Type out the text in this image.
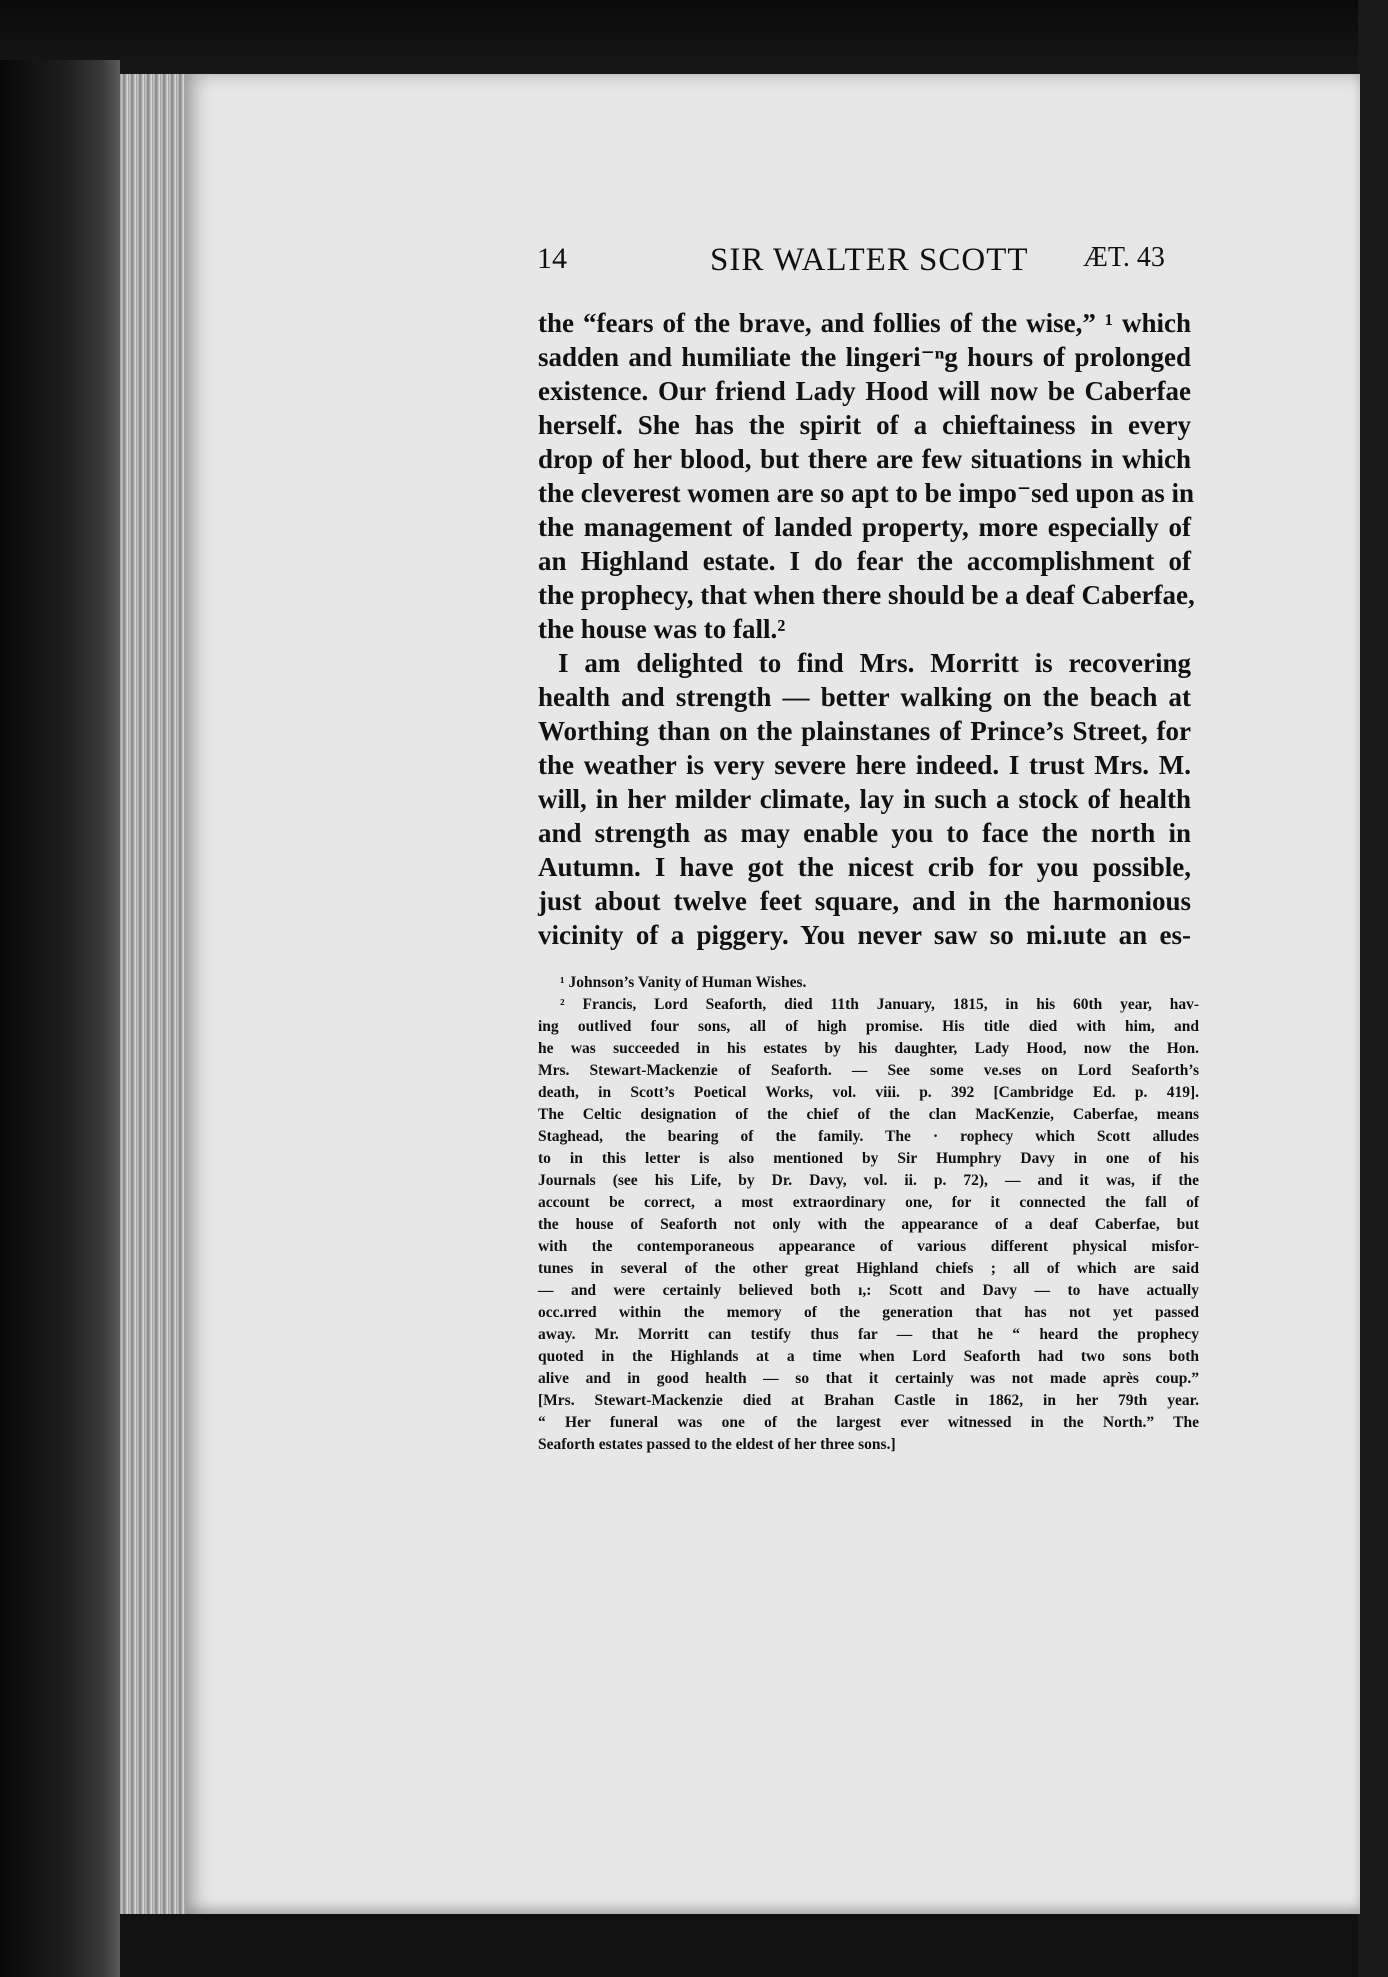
14	SIR WALTER SCOTT ÆT. 43
the “fears of the brave, and follies of the wise,” ¹ which
sadden and humiliate the lingeri⁻ⁿg hours of prolonged
existence. Our friend Lady Hood will now be Caberfae
herself. She has the spirit of a chieftainess in every
drop of her blood, but there are few situations in which
the cleverest women are so apt to be impo⁻sed upon as in
the management of landed property, more especially of
an Highland estate. I do fear the accomplishment of
the prophecy, that when there should be a deaf Caberfae,
the house was to fall.²
I am delighted to find Mrs. Morritt is recovering
health and strength — better walking on the beach at
Worthing than on the plainstanes of Prince’s Street, for
the weather is very severe here indeed. I trust Mrs. M.
will, in her milder climate, lay in such a stock of health
and strength as may enable you to face the north in
Autumn. I have got the nicest crib for you possible,
just about twelve feet square, and in the harmonious
vicinity of a piggery. You never saw so mi.ıute an es-
¹ Johnson’s Vanity of Human Wishes.
² Francis, Lord Seaforth, died 11th January, 1815, in his 60th year, hav-
ing outlived four sons, all of high promise. His title died with him, and
he was succeeded in his estates by his daughter, Lady Hood, now the Hon.
Mrs. Stewart-Mackenzie of Seaforth. — See some ve.ses on Lord Seaforth’s
death, in Scott’s Poetical Works, vol. viii. p. 392 [Cambridge Ed. p. 419].
The Celtic designation of the chief of the clan MacKenzie, Caberfae, means
Staghead, the bearing of the family. The · rophecy which Scott alludes
to in this letter is also mentioned by Sir Humphry Davy in one of his
Journals (see his Life, by Dr. Davy, vol. ii. p. 72), — and it was, if the
account be correct, a most extraordinary one, for it connected the fall of
the house of Seaforth not only with the appearance of a deaf Caberfae, but
with the contemporaneous appearance of various different physical misfor-
tunes in several of the other great Highland chiefs ; all of which are said
— and were certainly believed both ı,: Scott and Davy — to have actually
occ.ırred within the memory of the generation that has not yet passed
away. Mr. Morritt can testify thus far — that he “ heard the prophecy
quoted in the Highlands at a time when Lord Seaforth had two sons both
alive and in good health — so that it certainly was not made après coup.”
[Mrs. Stewart-Mackenzie died at Brahan Castle in 1862, in her 79th year.
“ Her funeral was one of the largest ever witnessed in the North.” The
Seaforth estates passed to the eldest of her three sons.]
